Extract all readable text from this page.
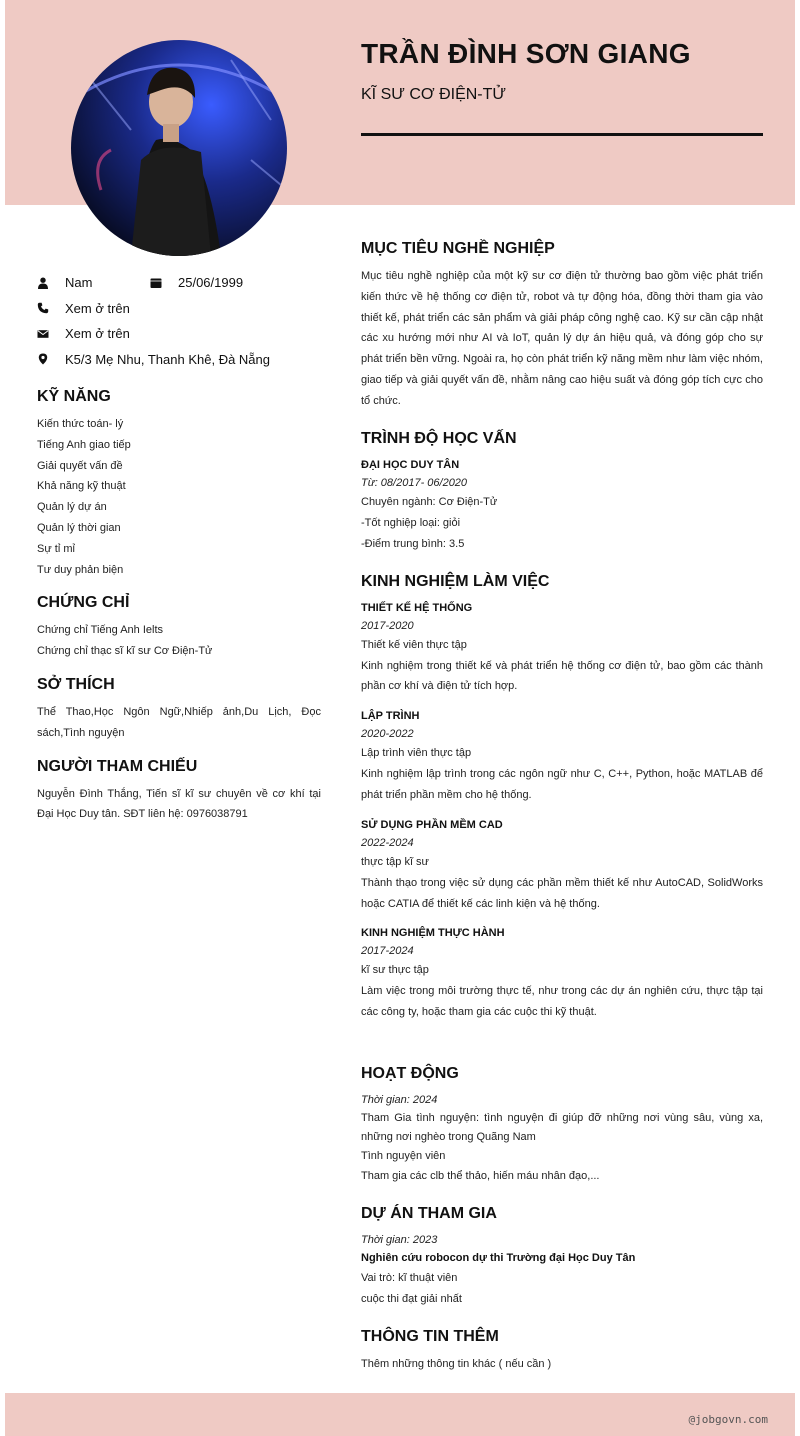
TRẦN ĐÌNH SƠN GIANG
KĨ SƯ CƠ ĐIỆN-TỬ
Nam	25/06/1999
Xem ở trên
Xem ở trên
K5/3 Mẹ Nhu, Thanh Khê, Đà Nẵng
KỸ NĂNG
Kiến thức toán- lý
Tiếng Anh giao tiếp
Giải quyết vấn đề
Khả năng kỹ thuật
Quản lý dự án
Quản lý thời gian
Sự tỉ mỉ
Tư duy phản biện
CHỨNG CHỈ
Chứng chỉ Tiếng Anh Ielts
Chứng chỉ thạc sĩ kĩ sư Cơ Điện-Tử
SỞ THÍCH
Thể Thao,Học Ngôn Ngữ,Nhiếp ảnh,Du Lịch, Đọc sách,Tình nguyện
NGƯỜI THAM CHIẾU
Nguyễn Đình Thắng, Tiến sĩ kĩ sư chuyên về cơ khí tại Đại Học Duy tân. SĐT liên hệ: 0976038791
MỤC TIÊU NGHỀ NGHIỆP
Mục tiêu nghề nghiệp của một kỹ sư cơ điện tử thường bao gồm việc phát triển kiến thức về hệ thống cơ điện tử, robot và tự động hóa, đồng thời tham gia vào thiết kế, phát triển các sản phẩm và giải pháp công nghệ cao. Kỹ sư cần cập nhật các xu hướng mới như AI và IoT, quản lý dự án hiệu quả, và đóng góp cho sự phát triển bền vững. Ngoài ra, họ còn phát triển kỹ năng mềm như làm việc nhóm, giao tiếp và giải quyết vấn đề, nhằm nâng cao hiệu suất và đóng góp tích cực cho tổ chức.
TRÌNH ĐỘ HỌC VẤN
ĐẠI HỌC DUY TÂN
Từ: 08/2017- 06/2020
Chuyên ngành: Cơ Điện-Tử
-Tốt nghiệp loại: giỏi
-Điểm trung bình: 3.5
KINH NGHIỆM LÀM VIỆC
THIẾT KẾ HỆ THỐNG
2017-2020
Thiết kế viên thực tập
Kinh nghiệm trong thiết kế và phát triển hệ thống cơ điện tử, bao gồm các thành phần cơ khí và điện tử tích hợp.
LẬP TRÌNH
2020-2022
Lập trình viên thực tập
Kinh nghiệm lập trình trong các ngôn ngữ như C, C++, Python, hoặc MATLAB để phát triển phần mềm cho hệ thống.
SỬ DỤNG PHẦN MỀM CAD
2022-2024
thực tập kĩ sư
Thành thạo trong việc sử dụng các phần mềm thiết kế như AutoCAD, SolidWorks hoặc CATIA để thiết kế các linh kiện và hệ thống.
KINH NGHIỆM THỰC HÀNH
2017-2024
kĩ sư thực tập
Làm việc trong môi trường thực tế, như trong các dự án nghiên cứu, thực tập tại các công ty, hoặc tham gia các cuộc thi kỹ thuật.
HOẠT ĐỘNG
Thời gian: 2024
Tham Gia tình nguyện: tình nguyện đi giúp đỡ những nơi vùng sâu, vùng xa, những nơi nghèo trong Quãng Nam
Tình nguyện viên
Tham gia các clb thể thảo, hiến máu nhân đạo,...
DỰ ÁN THAM GIA
Thời gian: 2023
Nghiên cứu robocon dự thi Trường đại Học Duy Tân
Vai trò: kĩ thuật viên
cuộc thi đạt giải nhất
THÔNG TIN THÊM
Thêm những thông tin khác ( nếu cần )
@jobgovn.com
